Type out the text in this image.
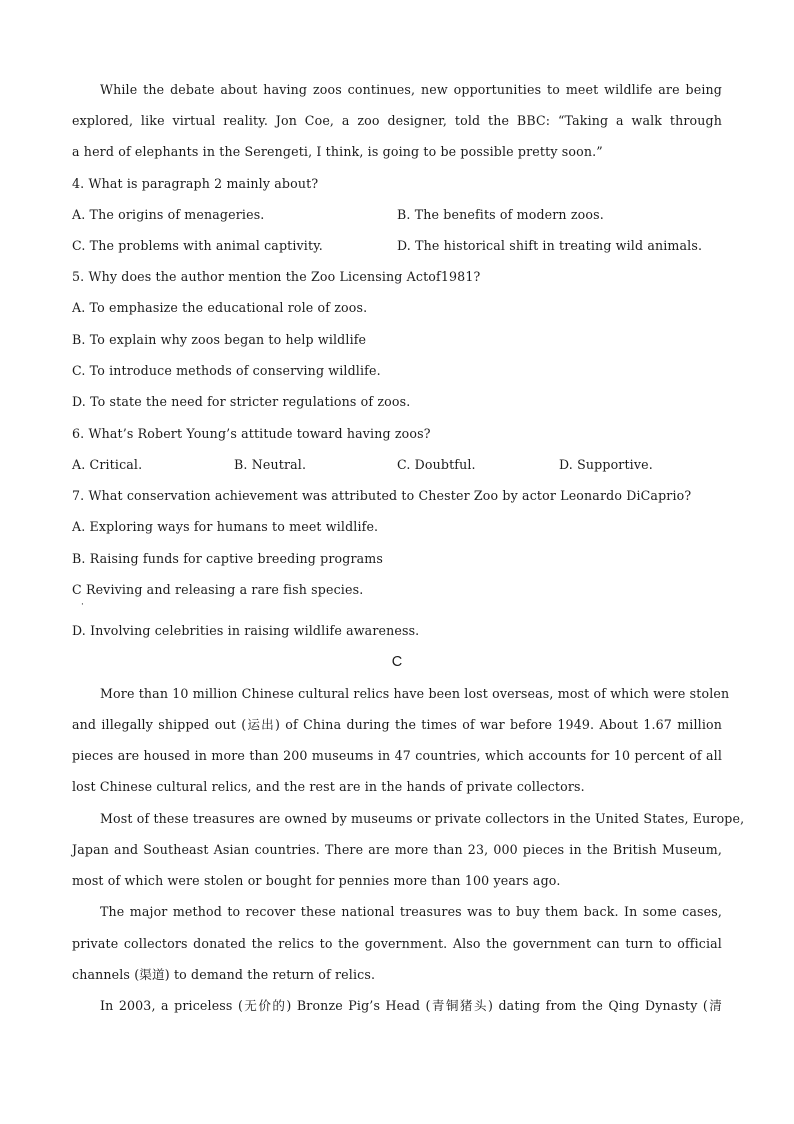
While the debate about having zoos continues, new opportunities to meet wildlife are being
explored, like virtual reality. Jon Coe, a zoo designer, told the BBC: “Taking a walk through
a herd of elephants in the Serengeti, I think, is going to be possible pretty soon.”
4. What is paragraph 2 mainly about?
A. The origins of menageries.	B. The benefits of modern zoos.
C. The problems with animal captivity.	D. The historical shift in treating wild animals.
5. Why does the author mention the Zoo Licensing Actof1981?
A. To emphasize the educational role of zoos.
B. To explain why zoos began to help wildlife
C. To introduce methods of conserving wildlife.
D. To state the need for stricter regulations of zoos.
6. What’s Robert Young’s attitude toward having zoos?
A. Critical.	B. Neutral.	C. Doubtful.	D. Supportive.
7. What conservation achievement was attributed to Chester Zoo by actor Leonardo DiCaprio?
A. Exploring ways for humans to meet wildlife.
B. Raising funds for captive breeding programs
C Reviving and releasing a rare fish species.
·
D. Involving celebrities in raising wildlife awareness.
C
More than 10 million Chinese cultural relics have been lost overseas, most of which were stolen
and illegally shipped out (运出) of China during the times of war before 1949. About 1.67 million
pieces are housed in more than 200 museums in 47 countries, which accounts for 10 percent of all
lost Chinese cultural relics, and the rest are in the hands of private collectors.
Most of these treasures are owned by museums or private collectors in the United States, Europe,
Japan and Southeast Asian countries. There are more than 23, 000 pieces in the British Museum,
most of which were stolen or bought for pennies more than 100 years ago.
The major method to recover these national treasures was to buy them back. In some cases,
private collectors donated the relics to the government. Also the government can turn to official
channels (渠道) to demand the return of relics.
In 2003, a priceless (无价的) Bronze Pig’s Head (青铜猪头) dating from the Qing Dynasty (清
